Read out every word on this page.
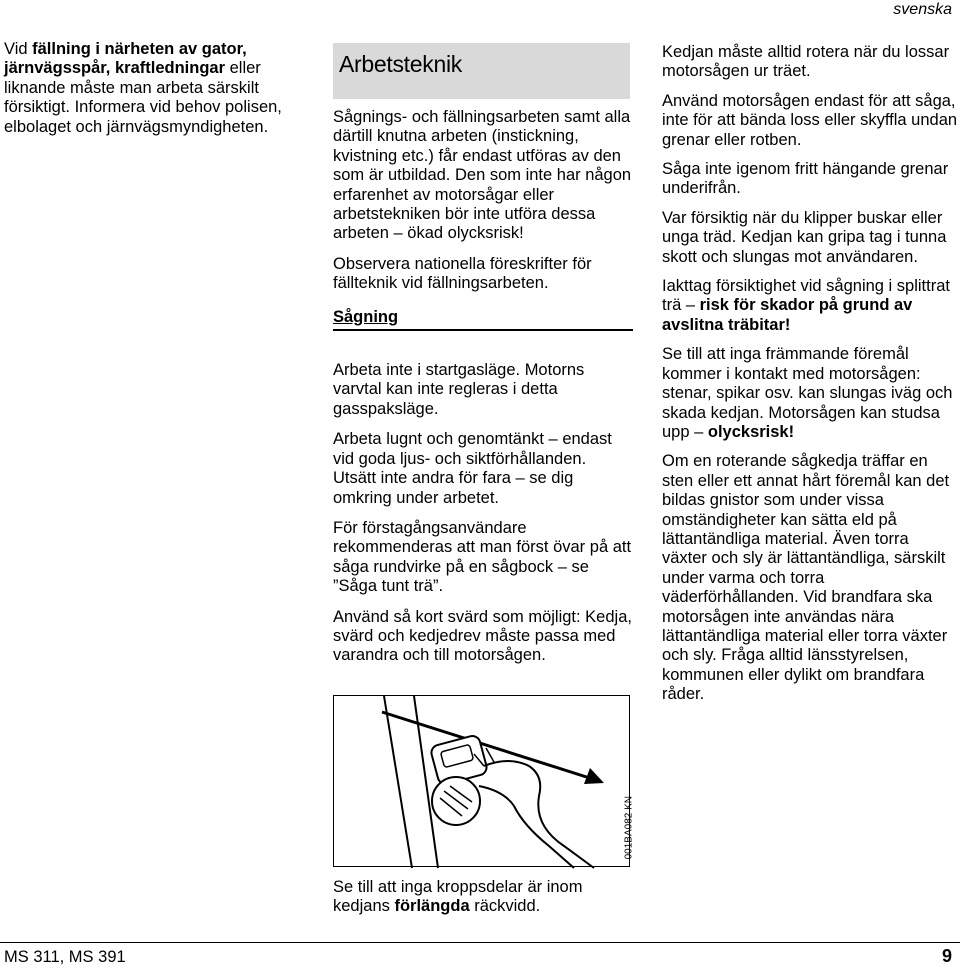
svenska

Vid fällning i närheten av gator, järnvägsspår, kraftledningar eller liknande måste man arbeta särskilt försiktigt. Informera vid behov polisen, elbolaget och järnvägsmyndigheten.

Arbetsteknik

Sågnings- och fällningsarbeten samt alla därtill knutna arbeten (instickning, kvistning etc.) får endast utföras av den som är utbildad. Den som inte har någon erfarenhet av motorsågar eller arbetstekniken bör inte utföra dessa arbeten – ökad olycksrisk!

Observera nationella föreskrifter för fällteknik vid fällningsarbeten.

Sågning

Arbeta inte i startgasläge. Motorns varvtal kan inte regleras i detta gasspaksläge.

Arbeta lugnt och genomtänkt – endast vid goda ljus- och siktförhållanden. Utsätt inte andra för fara – se dig omkring under arbetet.

För förstagångsanvändare rekommenderas att man först övar på att såga rundvirke på en sågbock – se ”Såga tunt trä”.

Använd så kort svärd som möjligt: Kedja, svärd och kedjedrev måste passa med varandra och till motorsågen.

001BA082 KN
Se till att inga kroppsdelar är inom kedjans förlängda räckvidd.

Kedjan måste alltid rotera när du lossar motorsågen ur träet.

Använd motorsågen endast för att såga, inte för att bända loss eller skyffla undan grenar eller rotben.

Såga inte igenom fritt hängande grenar underifrån.

Var försiktig när du klipper buskar eller unga träd. Kedjan kan gripa tag i tunna skott och slungas mot användaren.

Iakttag försiktighet vid sågning i splittrat trä – risk för skador på grund av avslitna träbitar!

Se till att inga främmande föremål kommer i kontakt med motorsågen: stenar, spikar osv. kan slungas iväg och skada kedjan. Motorsågen kan studsa upp – olycksrisk!

Om en roterande sågkedja träffar en sten eller ett annat hårt föremål kan det bildas gnistor som under vissa omständigheter kan sätta eld på lättantändliga material. Även torra växter och sly är lättantändliga, särskilt under varma och torra väderförhållanden. Vid brandfara ska motorsågen inte användas nära lättantändliga material eller torra växter och sly. Fråga alltid länsstyrelsen, kommunen eller dylikt om brandfara råder.

MS 311, MS 391	9
